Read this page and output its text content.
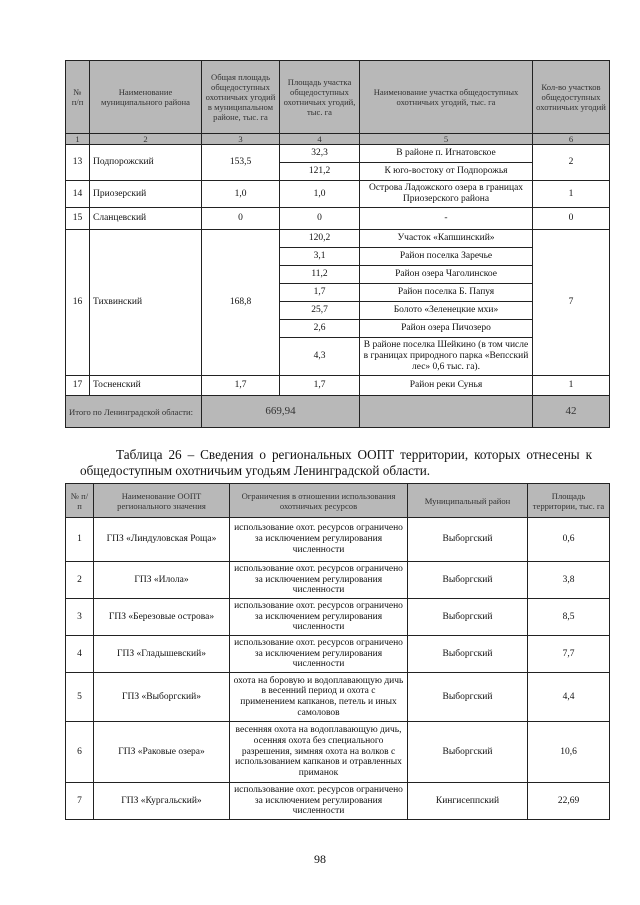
№ п/п	Наименование муниципального района	Общая площадь общедоступных охотничьих угодий в муниципальном районе, тыс. га	Площадь участка общедоступных охотничьих угодий, тыс. га	Наименование участка общедоступных охотничьих угодий, тыс. га	Кол-во участков общедоступных охотничьих угодий
1	2	3	4	5	6
13	Подпорожский	153,5	32,3	В районе п. Игнатовское	2
			121,2	К юго-востоку от Подпорожья	
14	Приозерский	1,0	1,0	Острова Ладожского озера в границах Приозерского района	1
15	Сланцевский	0	0	-	0
16	Тихвинский	168,8	120,2	Участок «Капшинский»	7
			3,1	Район поселка Заречье	
			11,2	Район озера Чаголинское	
			1,7	Район поселка Б. Папуя	
			25,7	Болото «Зеленецкие мхи»	
			2,6	Район озера Пичозеро	
			4,3	В районе поселка Шейкино (в том числе в границах природного парка «Вепсский лес» 0,6 тыс. га).	
17	Тосненский	1,7	1,7	Район реки Сунья	1
Итого по Ленинградской области:		669,94			42

Таблица 26 – Сведения о региональных ООПТ территории, которых отнесены к общедоступным охотничьим угодьям Ленинградской области.

№ п/п	Наименование ООПТ регионального значения	Ограничения в отношении использования охотничьих ресурсов	Муниципальный район	Площадь территории, тыс. га
1	ГПЗ «Линдуловская Роща»	использование охот. ресурсов ограничено за исключением регулирования численности	Выборгский	0,6
2	ГПЗ «Илола»	использование охот. ресурсов ограничено за исключением регулирования численности	Выборгский	3,8
3	ГПЗ «Березовые острова»	использование охот. ресурсов ограничено за исключением регулирования численности	Выборгский	8,5
4	ГПЗ «Гладышевский»	использование охот. ресурсов ограничено за исключением регулирования численности	Выборгский	7,7
5	ГПЗ «Выборгский»	охота на боровую и водоплавающую дичь в весенний период и охота с применением капканов, петель и иных самоловов	Выборгский	4,4
6	ГПЗ «Раковые озера»	весенняя охота на водоплавающую дичь, осенняя охота без специального разрешения, зимняя охота на волков с использованием капканов и отравленных приманок	Выборгский	10,6
7	ГПЗ «Кургальский»	использование охот. ресурсов ограничено за исключением регулирования численности	Кингисеппский	22,69
98
